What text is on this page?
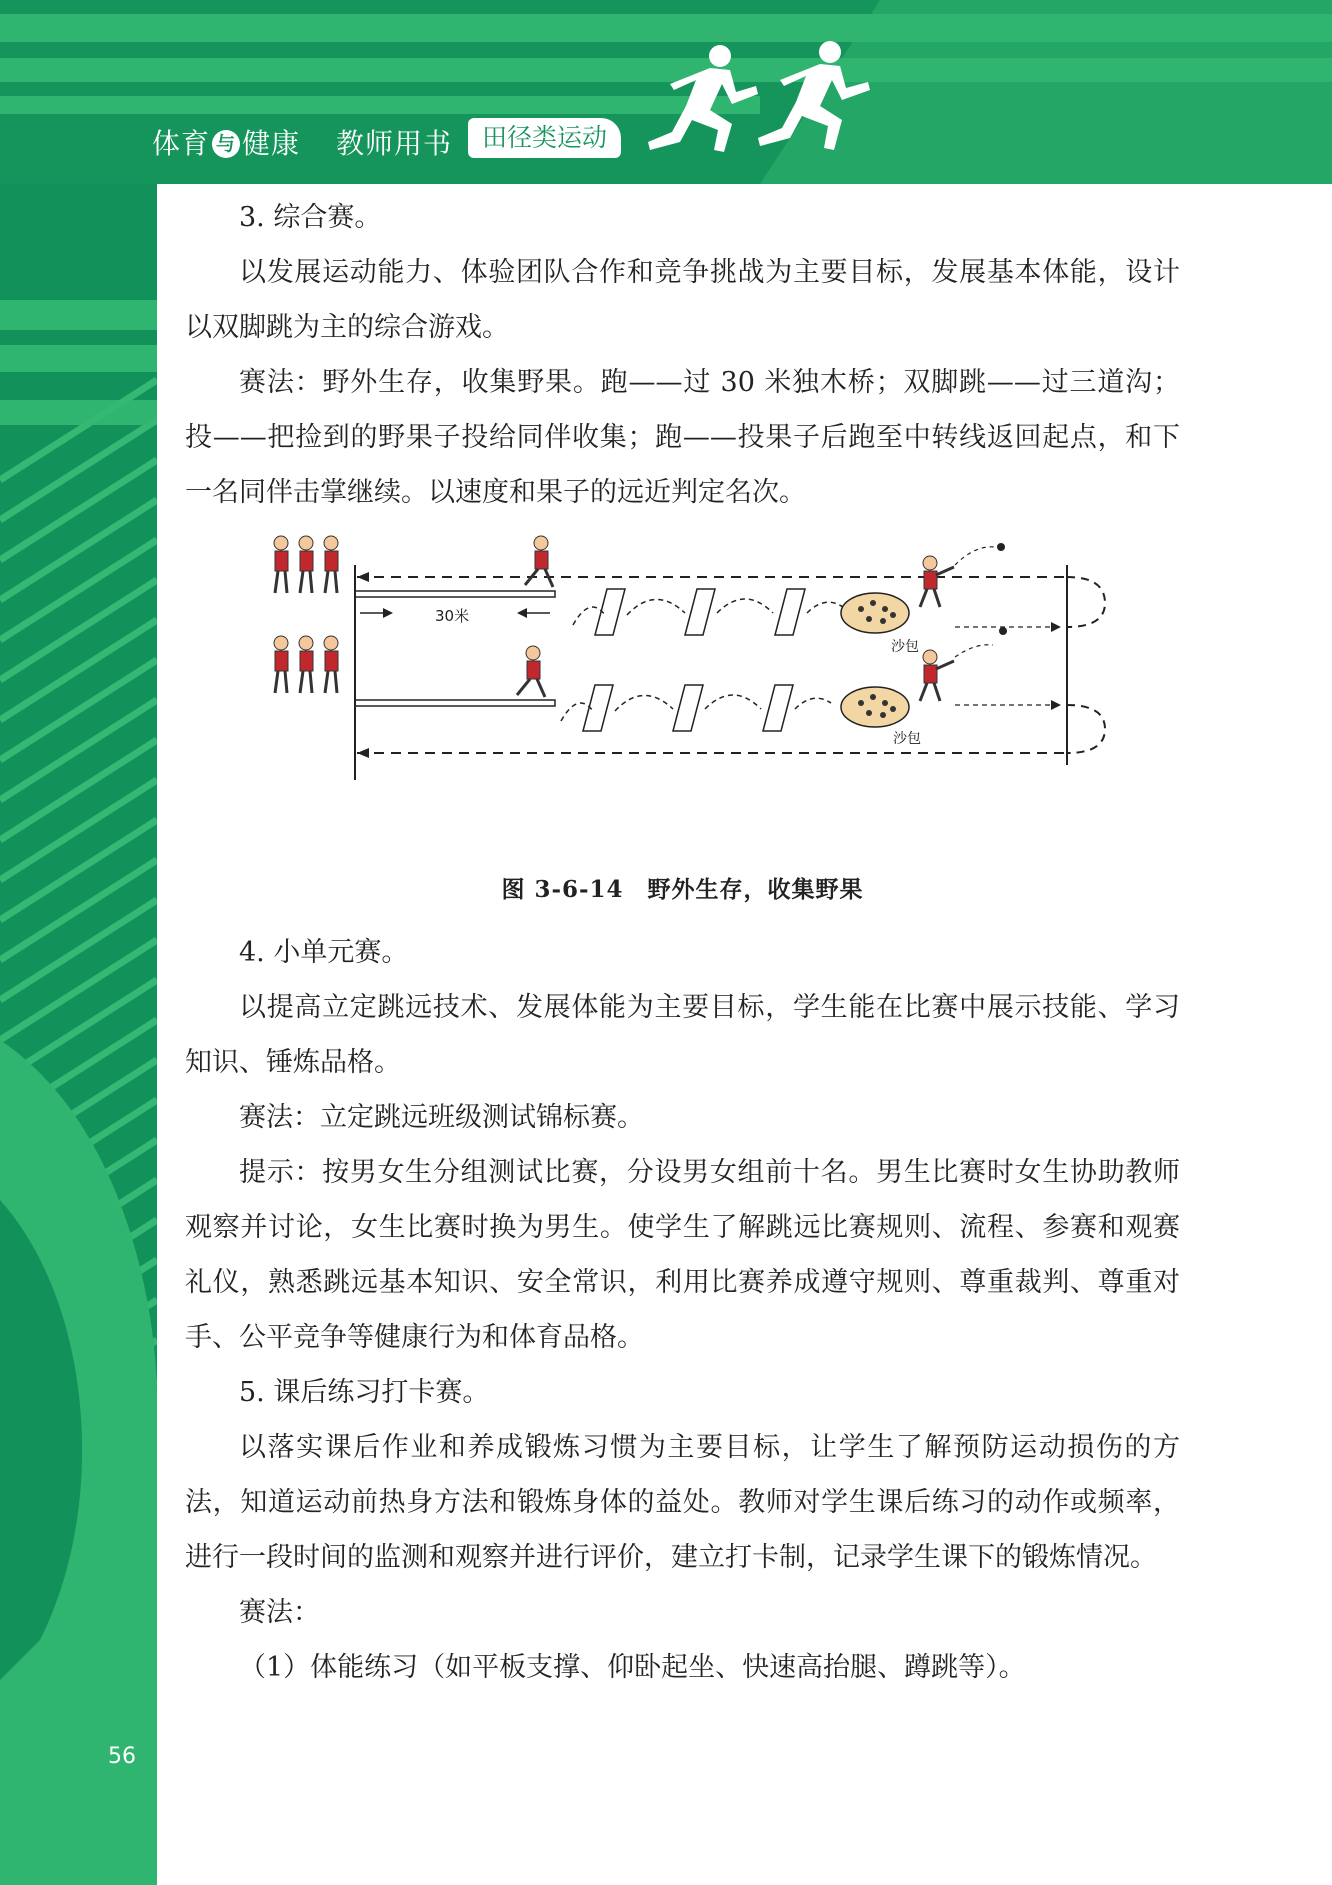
体育 与 健康 教师用书	田径类运动

3. 综合赛。

以发展运动能力、体验团队合作和竞争挑战为主要目标，发展基本体能，设计以双脚跳为主的综合游戏。

赛法：野外生存，收集野果。跑——过 30 米独木桥；双脚跳——过三道沟；投——把捡到的野果子投给同伴收集；跑——投果子后跑至中转线返回起点，和下一名同伴击掌继续。以速度和果子的远近判定名次。

30米
沙包
沙包

图 3-6-14　野外生存，收集野果

4. 小单元赛。

以提高立定跳远技术、发展体能为主要目标，学生能在比赛中展示技能、学习知识、锤炼品格。

赛法：立定跳远班级测试锦标赛。

提示：按男女生分组测试比赛，分设男女组前十名。男生比赛时女生协助教师观察并讨论，女生比赛时换为男生。使学生了解跳远比赛规则、流程、参赛和观赛礼仪，熟悉跳远基本知识、安全常识，利用比赛养成遵守规则、尊重裁判、尊重对手、公平竞争等健康行为和体育品格。

5. 课后练习打卡赛。

以落实课后作业和养成锻炼习惯为主要目标，让学生了解预防运动损伤的方法，知道运动前热身方法和锻炼身体的益处。教师对学生课后练习的动作或频率，进行一段时间的监测和观察并进行评价，建立打卡制，记录学生课下的锻炼情况。

赛法：

（1）体能练习（如平板支撑、仰卧起坐、快速高抬腿、蹲跳等）。

56
